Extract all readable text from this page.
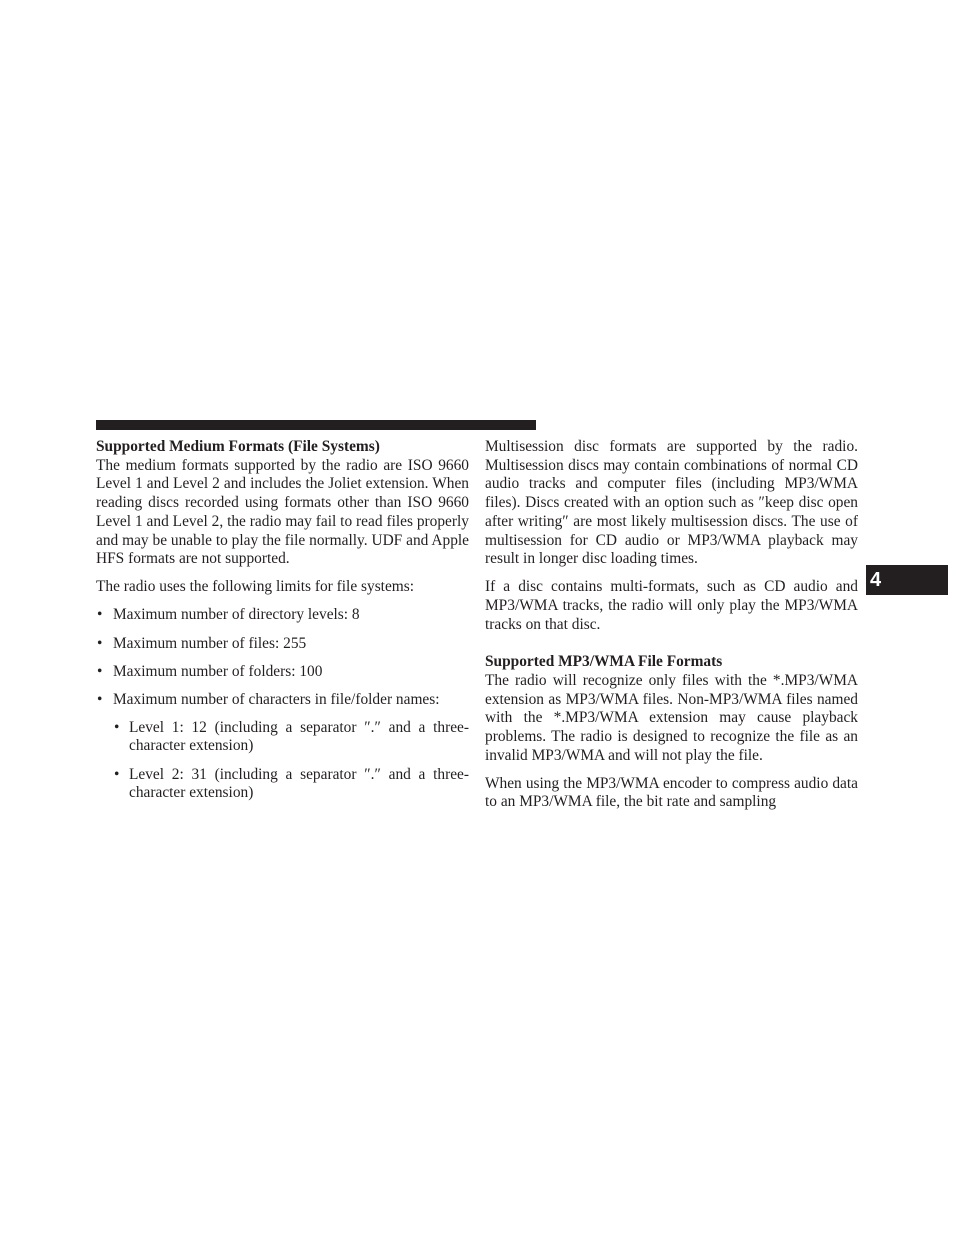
Supported Medium Formats (File Systems)

The medium formats supported by the radio are ISO 9660 Level 1 and Level 2 and includes the Joliet extension. When reading discs recorded using formats other than ISO 9660 Level 1 and Level 2, the radio may fail to read files properly and may be unable to play the file normally. UDF and Apple HFS formats are not supported.

The radio uses the following limits for file systems:

• Maximum number of directory levels: 8
• Maximum number of files: 255
• Maximum number of folders: 100
• Maximum number of characters in file/folder names:
• Level 1: 12 (including a separator ″.″ and a three-character extension)
• Level 2: 31 (including a separator ″.″ and a three-character extension)

Multisession disc formats are supported by the radio. Multisession discs may contain combinations of normal CD audio tracks and computer files (including MP3/WMA files). Discs created with an option such as ″keep disc open after writing″ are most likely multisession discs. The use of multisession for CD audio or MP3/WMA playback may result in longer disc loading times.

If a disc contains multi-formats, such as CD audio and MP3/WMA tracks, the radio will only play the MP3/WMA tracks on that disc.

Supported MP3/WMA File Formats

The radio will recognize only files with the *.MP3/WMA extension as MP3/WMA files. Non-MP3/WMA files named with the *.MP3/WMA extension may cause playback problems. The radio is designed to recognize the file as an invalid MP3/WMA and will not play the file.

When using the MP3/WMA encoder to compress audio data to an MP3/WMA file, the bit rate and sampling

4
